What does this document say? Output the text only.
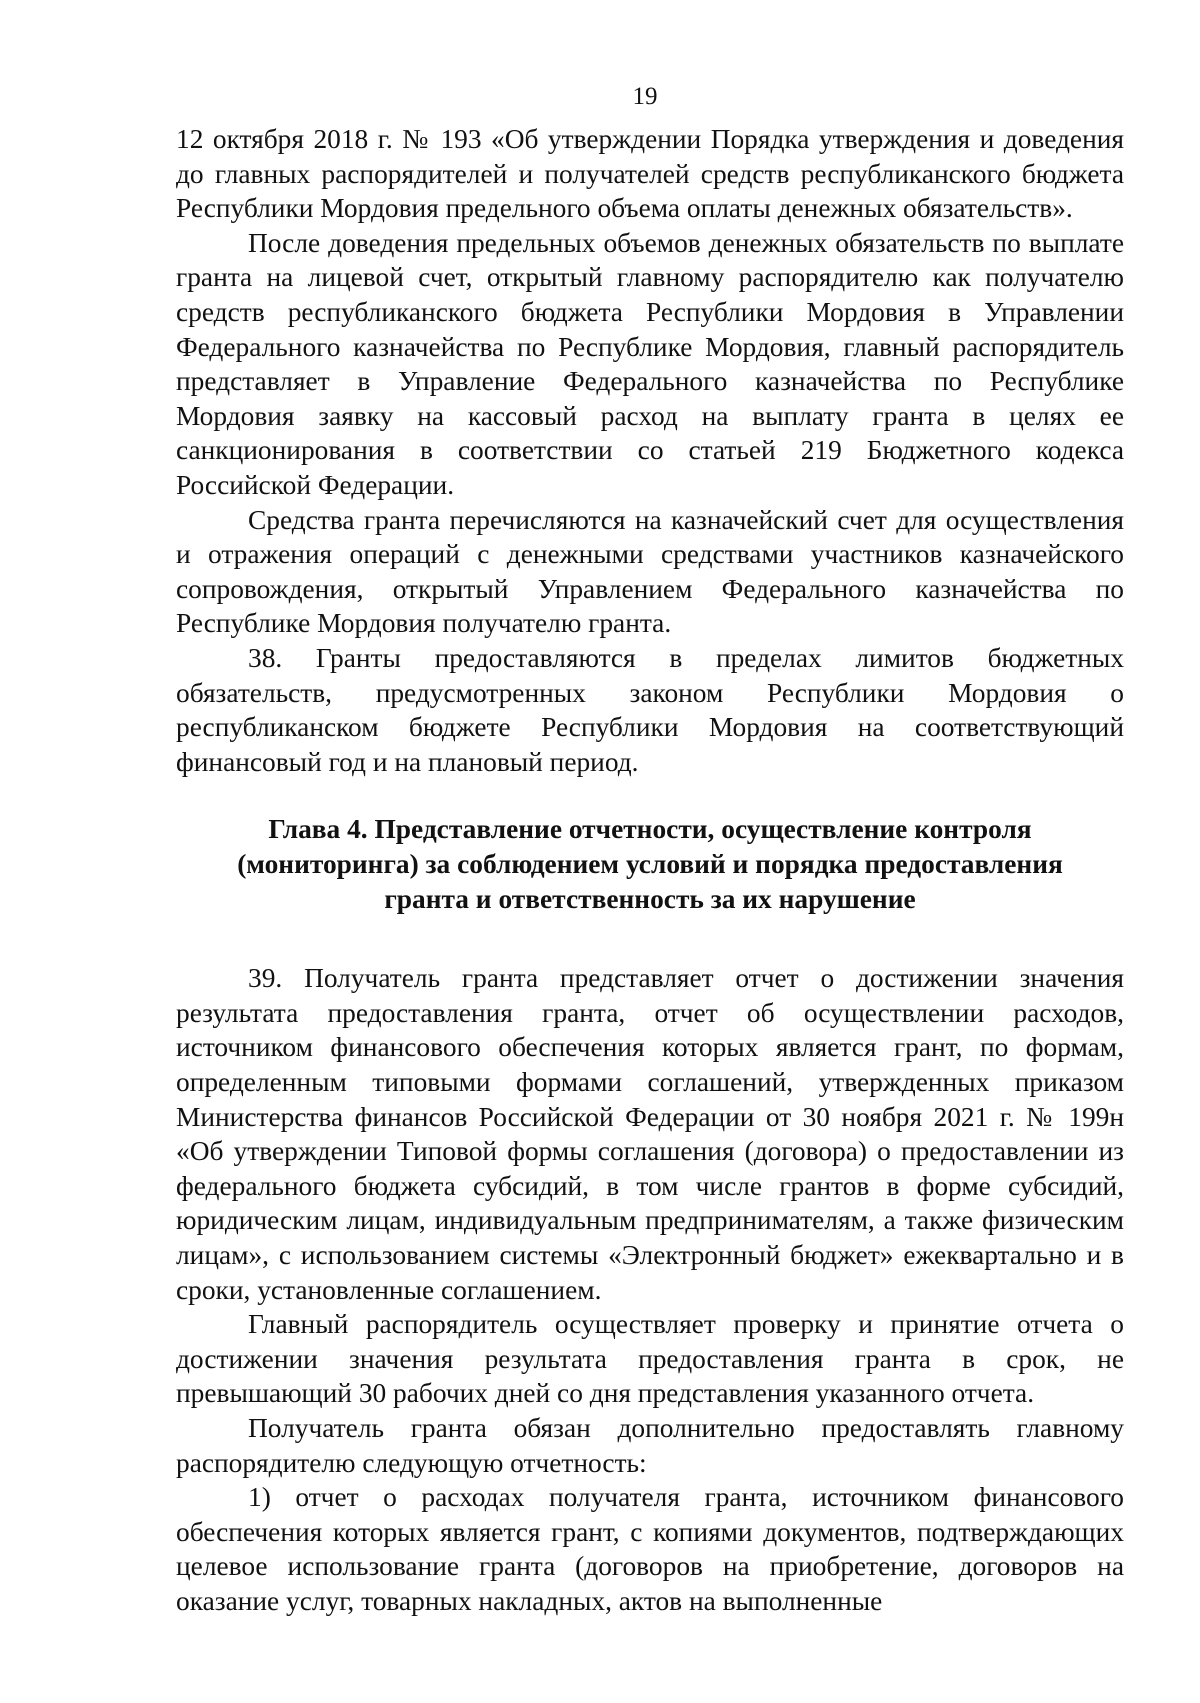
19

12 октября 2018 г. № 193 «Об утверждении Порядка утверждения и доведения до главных распорядителей и получателей средств республиканского бюджета Республики Мордовия предельного объема оплаты денежных обязательств».

После доведения предельных объемов денежных обязательств по выплате гранта на лицевой счет, открытый главному распорядителю как получателю средств республиканского бюджета Республики Мордовия в Управлении Федерального казначейства по Республике Мордовия, главный распорядитель представляет в Управление Федерального казначейства по Республике Мордовия заявку на кассовый расход на выплату гранта в целях ее санкционирования в соответствии со статьей 219 Бюджетного кодекса Российской Федерации.

Средства гранта перечисляются на казначейский счет для осуществления и отражения операций с денежными средствами участников казначейского сопровождения, открытый Управлением Федерального казначейства по Республике Мордовия получателю гранта.

38. Гранты предоставляются в пределах лимитов бюджетных обязательств, предусмотренных законом Республики Мордовия о республиканском бюджете Республики Мордовия на соответствующий финансовый год и на плановый период.

Глава 4. Представление отчетности, осуществление контроля
(мониторинга) за соблюдением условий и порядка предоставления
гранта и ответственность за их нарушение

39. Получатель гранта представляет отчет о достижении значения результата предоставления гранта, отчет об осуществлении расходов, источником финансового обеспечения которых является грант, по формам, определенным типовыми формами соглашений, утвержденных приказом Министерства финансов Российской Федерации от 30 ноября 2021 г. № 199н «Об утверждении Типовой формы соглашения (договора) о предоставлении из федерального бюджета субсидий, в том числе грантов в форме субсидий, юридическим лицам, индивидуальным предпринимателям, а также физическим лицам», с использованием системы «Электронный бюджет» ежеквартально и в сроки, установленные соглашением.

Главный распорядитель осуществляет проверку и принятие отчета о достижении значения результата предоставления гранта в срок, не превышающий 30 рабочих дней со дня представления указанного отчета.

Получатель гранта обязан дополнительно предоставлять главному распорядителю следующую отчетность:

1) отчет о расходах получателя гранта, источником финансового обеспечения которых является грант, с копиями документов, подтверждающих целевое использование гранта (договоров на приобретение, договоров на оказание услуг, товарных накладных, актов на выполненные
